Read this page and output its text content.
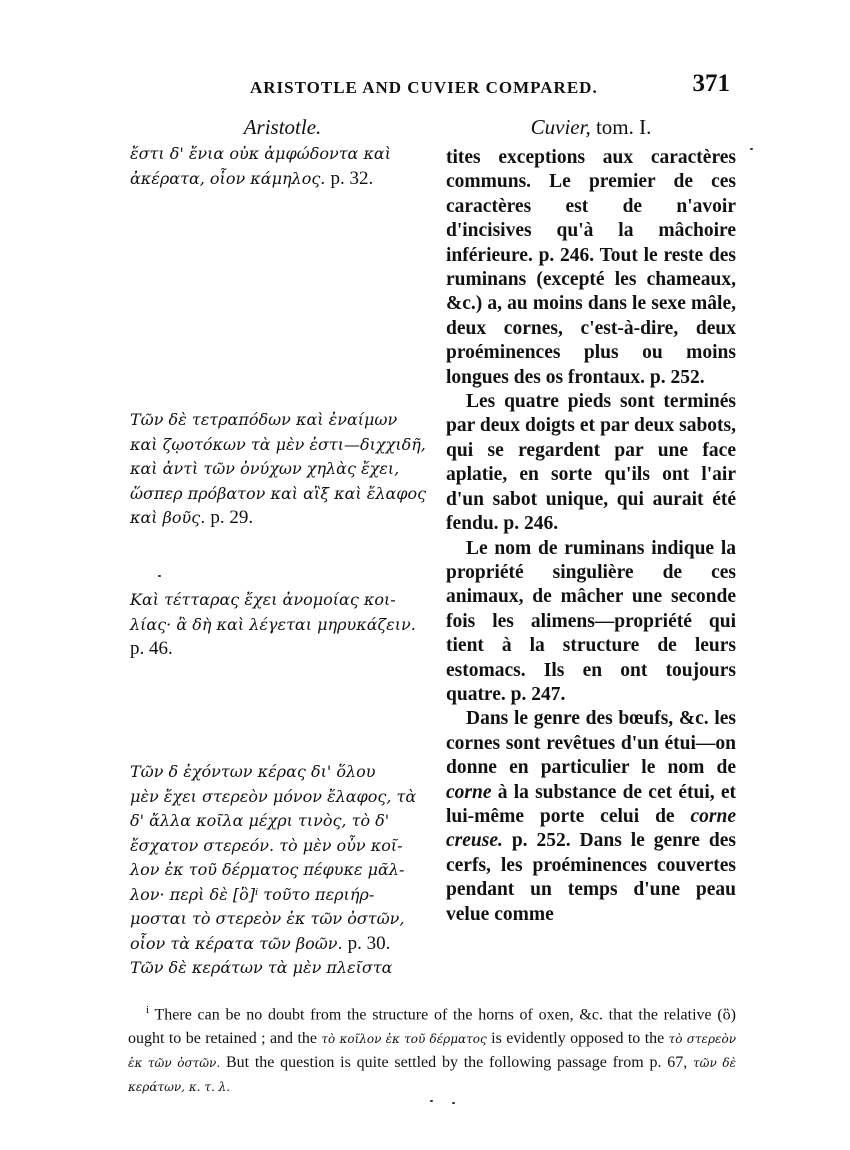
ARISTOTLE AND CUVIER COMPARED.	371
Aristotle.
ἔστι δ' ἔνια οὐκ ἀμφώδοντα καὶ
ἀκέρατα, οἷον κάμηλος. p. 32.
Τῶν δὲ τετραπόδων καὶ ἐναίμων
καὶ ζῳοτόκων τὰ μὲν ἐστι—διχχιδῆ,
καὶ ἀντὶ τῶν ὀνύχων χηλὰς ἔχει,
ὥσπερ πρόβατον καὶ αἲξ καὶ ἔλαφος
καὶ βοῦς. p. 29.
Καὶ τέτταρας ἔχει ἀνομοίας κοι-
λίας· ἃ δὴ καὶ λέγεται μηρυκάζειν.
p. 46.
Τῶν δ ἐχόντων κέρας δι' ὅλου
μὲν ἔχει στερεὸν μόνον ἔλαφος, τὰ
δ' ἄλλα κοῖλα μέχρι τινὸς, τὸ δ'
ἔσχατον στερεόν. τὸ μὲν οὖν κοῖ-
λον ἐκ τοῦ δέρματος πέφυκε μᾶλ-
λον· περὶ δὲ [ὃ]ⁱ τοῦτο περιήρ-
μοσται τὸ στερεὸν ἐκ τῶν ὀστῶν,
οἷον τὰ κέρατα τῶν βοῶν. p. 30.
Τῶν δὲ κεράτων τὰ μὲν πλεῖστα
Cuvier, tom. I.

tites exceptions aux caractères communs. Le premier de ces caractères est de n'avoir d'incisives qu'à la mâchoire inférieure. p. 246. Tout le reste des ruminans (excepté les chameaux, &c.) a, au moins dans le sexe mâle, deux cornes, c'est-à-dire, deux proéminences plus ou moins longues des os frontaux. p. 252.

Les quatre pieds sont terminés par deux doigts et par deux sabots, qui se regardent par une face aplatie, en sorte qu'ils ont l'air d'un sabot unique, qui aurait été fendu. p. 246.

Le nom de ruminans indique la propriété singulière de ces animaux, de mâcher une seconde fois les alimens—propriété qui tient à la structure de leurs estomacs. Ils en ont toujours quatre. p. 247.

Dans le genre des bœufs, &c. les cornes sont revêtues d'un étui—on donne en particulier le nom de corne à la substance de cet étui, et lui-même porte celui de corne creuse. p. 252. Dans le genre des cerfs, les proéminences couvertes pendant un temps d'une peau velue comme

$^i$ There can be no doubt from the structure of the horns of oxen, &c. that the relative (ὃ) ought to be retained ; and the τὸ κοῖλον ἐκ τοῦ δέρματος is evidently opposed to the τὸ στερεὸν ἐκ τῶν ὀστῶν. But the question is quite settled by the following passage from p. 67, τῶν δὲ κεράτων, κ. τ. λ.
